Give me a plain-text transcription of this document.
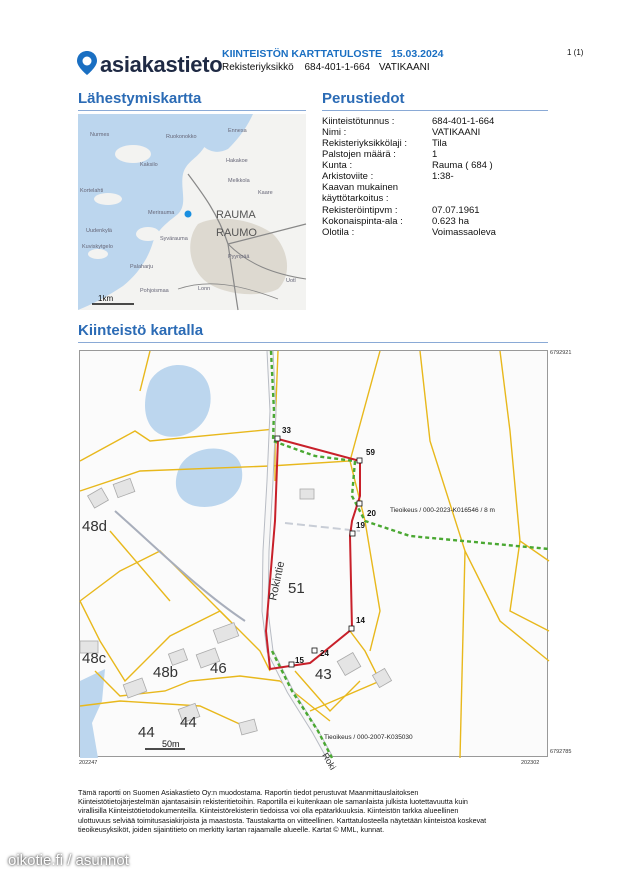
asiakastieto KIINTEISTÖN KARTTATULOSTE 15.03.2024
Rekisteriyksikkö 684-401-1-664 VATIKAANI
1 (1)
Lähestymiskartta	Perustiedot
RAUMA
RAUMO
Nurmes	Ruokonokko
Ennesa
Kaksilo
Hakakoe
Kortelahti
Melkkola
Kaare
Merirauma
Uudenkylä
Kuviskytgelo
Syvärauma
Pyynpää
Palaharju
Pohjoismaa	Lonn
Uotl
1km
Kiinteistötunnus :	684-401-1-664
Nimi :	VATIKAANI
Rekisteriyksikkölaji :	Tila
Palstojen määrä :	1
Kunta :	Rauma ( 684 )
Arkistoviite :	1:38-
Kaavan mukainen
käyttötarkoitus :
Rekisteröintipvm :	07.07.1961
Kokonaispinta-ala :	0.623 ha
Olotila :	Voimassaoleva
Kiinteistö kartalla
6792921
6792785
202247	202302
33
59
20
19
14
24
15
51
43
46
48b
48c
48d
44
44
Rokintie
Roki
Tieoikeus / 000-2023-K016546 / 8 m
Tieoikeus / 000-2007-K035030
50m
Tämä raportti on Suomen Asiakastieto Oy:n muodostama. Raportin tiedot perustuvat Maanmittauslaitoksen
Kiinteistötietojärjestelmän ajantasaisiin rekisteritietoihin. Raportilla ei kuitenkaan ole samanlaista julkista luotettavuutta kuin
virallisilla Kiinteistötietodokumenteilla. Kiinteistörekisterin tiedoissa voi olla epätarkkuuksia. Kiinteistön tarkka alueellinen
ulottuvuus selviää toimitusasiakirjoista ja maastosta. Taustakartta on viitteellinen. Karttatulosteella näytetään kiinteistöä koskevat
tieoikeusyksiköt, joiden sijaintitieto on merkitty kartan rajaamalle alueelle. Kartat © MML, kunnat.
oikotie.fi / asunnot
